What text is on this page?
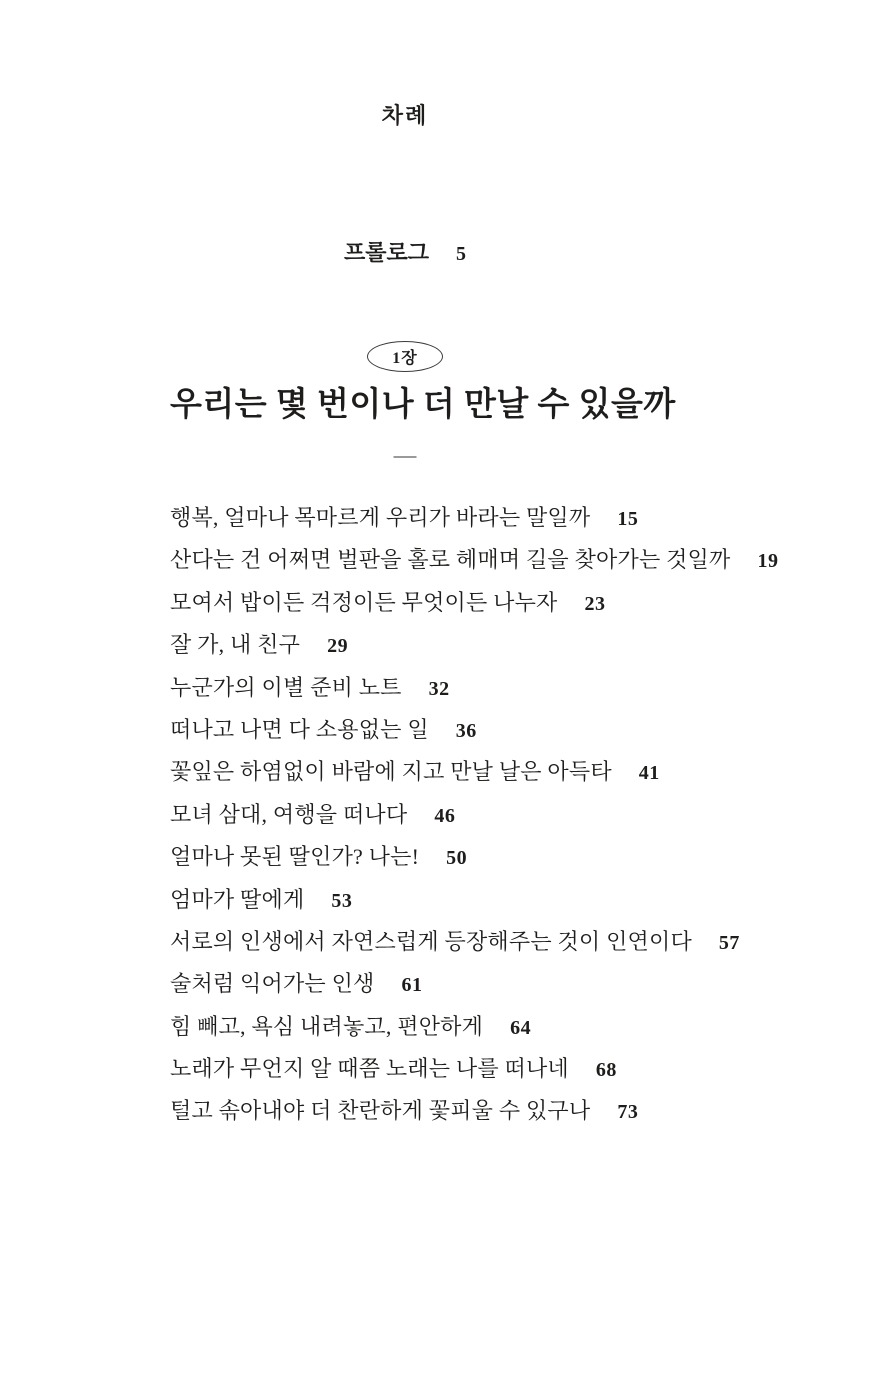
차례
프롤로그 5
1장
우리는 몇 번이나 더 만날 수 있을까
행복, 얼마나 목마르게 우리가 바라는 말일까 15
산다는 건 어쩌면 벌판을 홀로 헤매며 길을 찾아가는 것일까 19
모여서 밥이든 걱정이든 무엇이든 나누자 23
잘 가, 내 친구 29
누군가의 이별 준비 노트 32
떠나고 나면 다 소용없는 일 36
꽃잎은 하염없이 바람에 지고 만날 날은 아득타 41
모녀 삼대, 여행을 떠나다 46
얼마나 못된 딸인가? 나는! 50
엄마가 딸에게 53
서로의 인생에서 자연스럽게 등장해주는 것이 인연이다 57
술처럼 익어가는 인생 61
힘 빼고, 욕심 내려놓고, 편안하게 64
노래가 무언지 알 때쯤 노래는 나를 떠나네 68
털고 솎아내야 더 찬란하게 꽃피울 수 있구나 73
